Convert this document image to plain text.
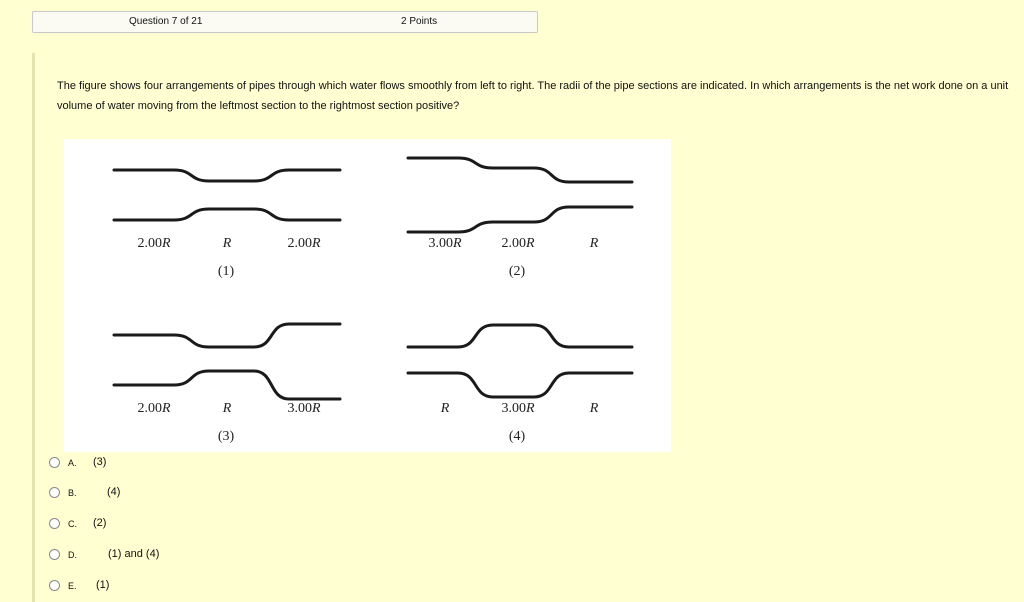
Question 7 of 21	2 Points
The figure shows four arrangements of pipes through which water flows smoothly from left to right. The radii of the pipe sections are indicated. In which arrangements is the net work done on a unit volume of water moving from the leftmost section to the rightmost section positive?
2.00R	R	2.00R
(1)
3.00R	2.00R	R
(2)
2.00R	R	3.00R
(3)
R	3.00R	R
(4)
A. (3)
B.	(4)
C. (2)
D.	(1) and (4)
E. (1)
